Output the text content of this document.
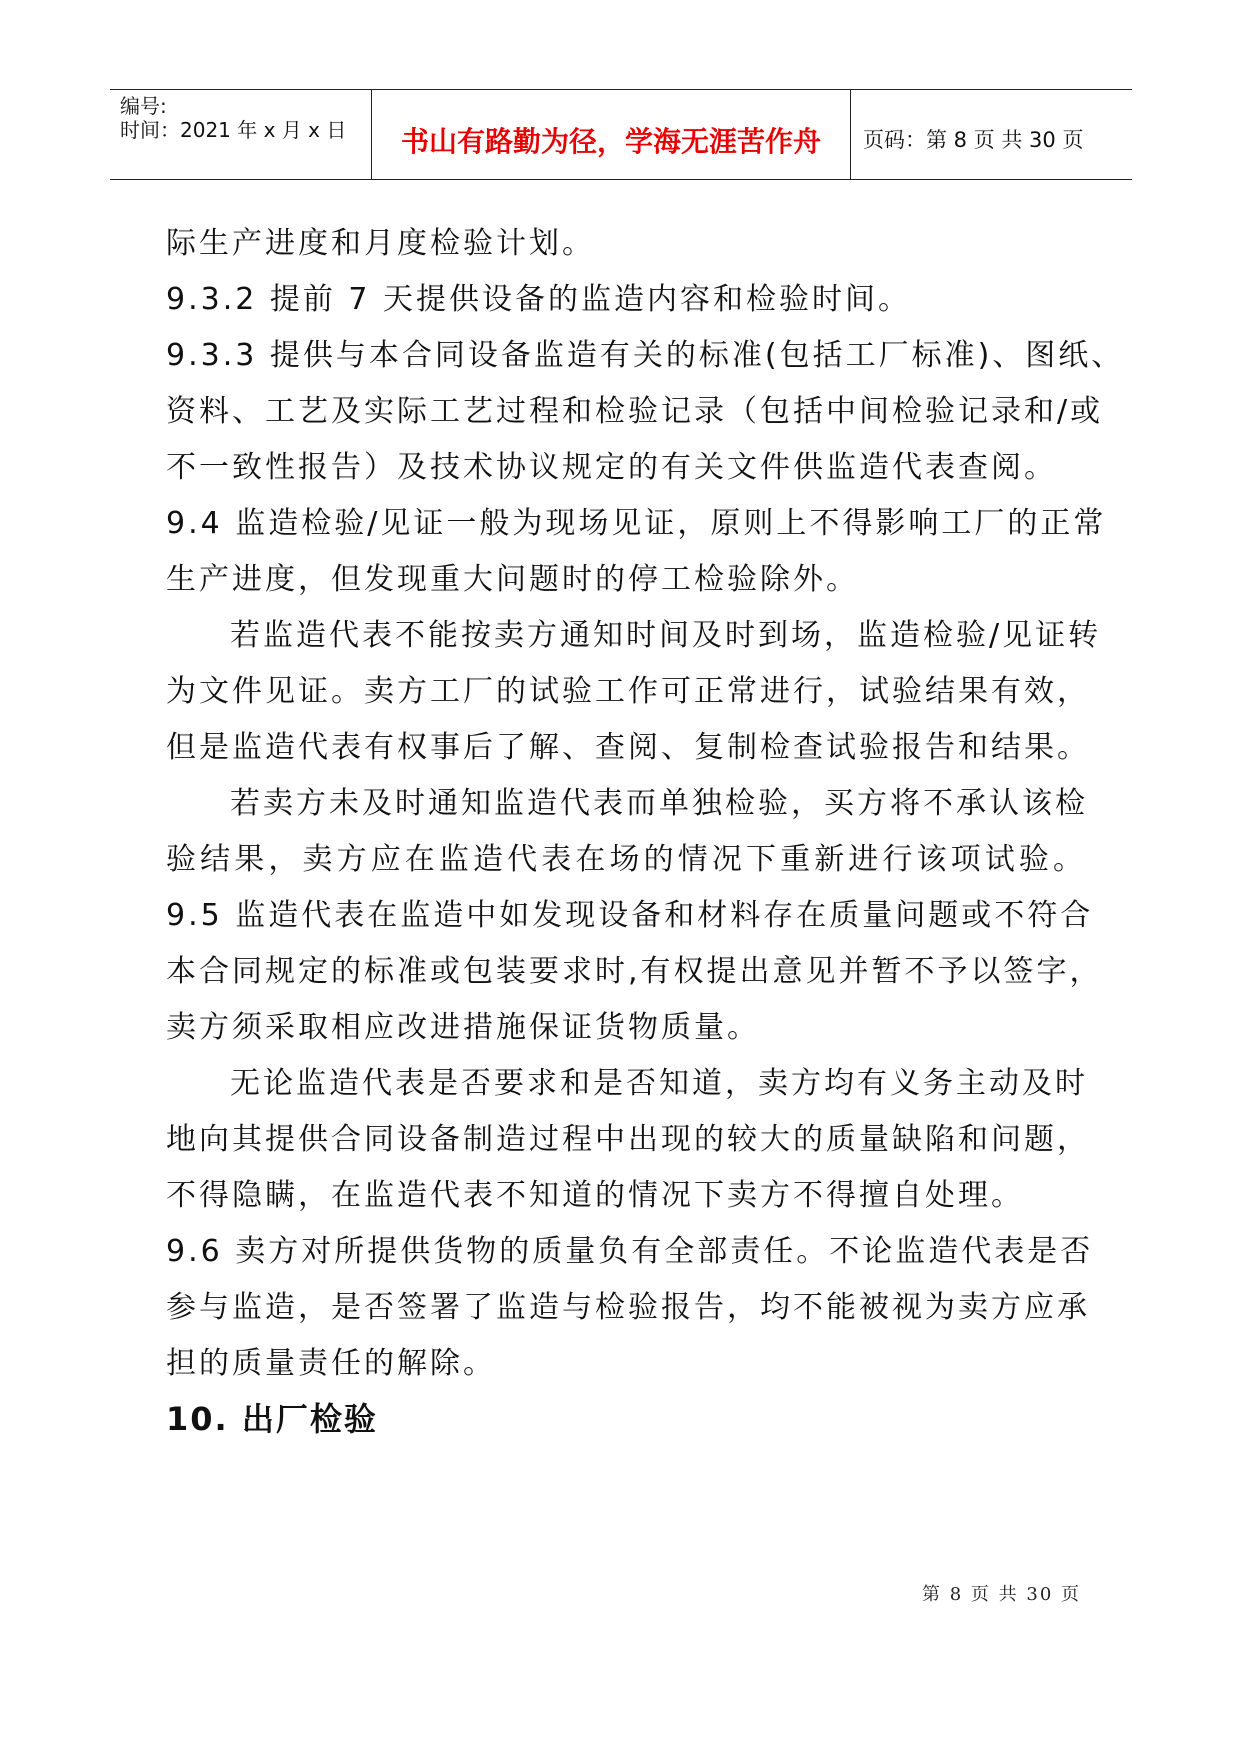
编号:
时间：2021 年 x 月 x 日	书山有路勤为径，学海无涯苦作舟	页码：第 8 页 共 30 页
际生产进度和月度检验计划。
9.3.2 提前 7 天提供设备的监造内容和检验时间。
9.3.3 提供与本合同设备监造有关的标准(包括工厂标准)、图纸、
资料、工艺及实际工艺过程和检验记录（包括中间检验记录和/或
不一致性报告）及技术协议规定的有关文件供监造代表查阅。
9.4 监造检验/见证一般为现场见证，原则上不得影响工厂的正常
生产进度，但发现重大问题时的停工检验除外。
若监造代表不能按卖方通知时间及时到场，监造检验/见证转
为文件见证。卖方工厂的试验工作可正常进行，试验结果有效，
但是监造代表有权事后了解、查阅、复制检查试验报告和结果。
若卖方未及时通知监造代表而单独检验，买方将不承认该检
验结果，卖方应在监造代表在场的情况下重新进行该项试验。
9.5 监造代表在监造中如发现设备和材料存在质量问题或不符合
本合同规定的标准或包装要求时,有权提出意见并暂不予以签字，
卖方须采取相应改进措施保证货物质量。
无论监造代表是否要求和是否知道，卖方均有义务主动及时
地向其提供合同设备制造过程中出现的较大的质量缺陷和问题，
不得隐瞒，在监造代表不知道的情况下卖方不得擅自处理。
9.6 卖方对所提供货物的质量负有全部责任。不论监造代表是否
参与监造，是否签署了监造与检验报告，均不能被视为卖方应承
担的质量责任的解除。
10. 出厂检验
第 8 页 共 30 页
